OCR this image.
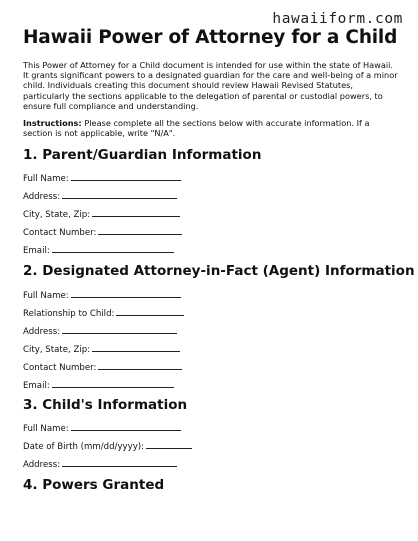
hawaiiform.com
Hawaii Power of Attorney for a Child

This Power of Attorney for a Child document is intended for use within the state of Hawaii. It grants significant powers to a designated guardian for the care and well-being of a minor child. Individuals creating this document should review Hawaii Revised Statutes, particularly the sections applicable to the delegation of parental or custodial powers, to ensure full compliance and understanding.

Instructions: Please complete all the sections below with accurate information. If a section is not applicable, write "N/A".

1. Parent/Guardian Information
Full Name:
Address:
City, State, Zip:
Contact Number:
Email:
2. Designated Attorney-in-Fact (Agent) Information
Full Name:
Relationship to Child:
Address:
City, State, Zip:
Contact Number:
Email:
3. Child's Information
Full Name:
Date of Birth (mm/dd/yyyy):
Address:
4. Powers Granted
